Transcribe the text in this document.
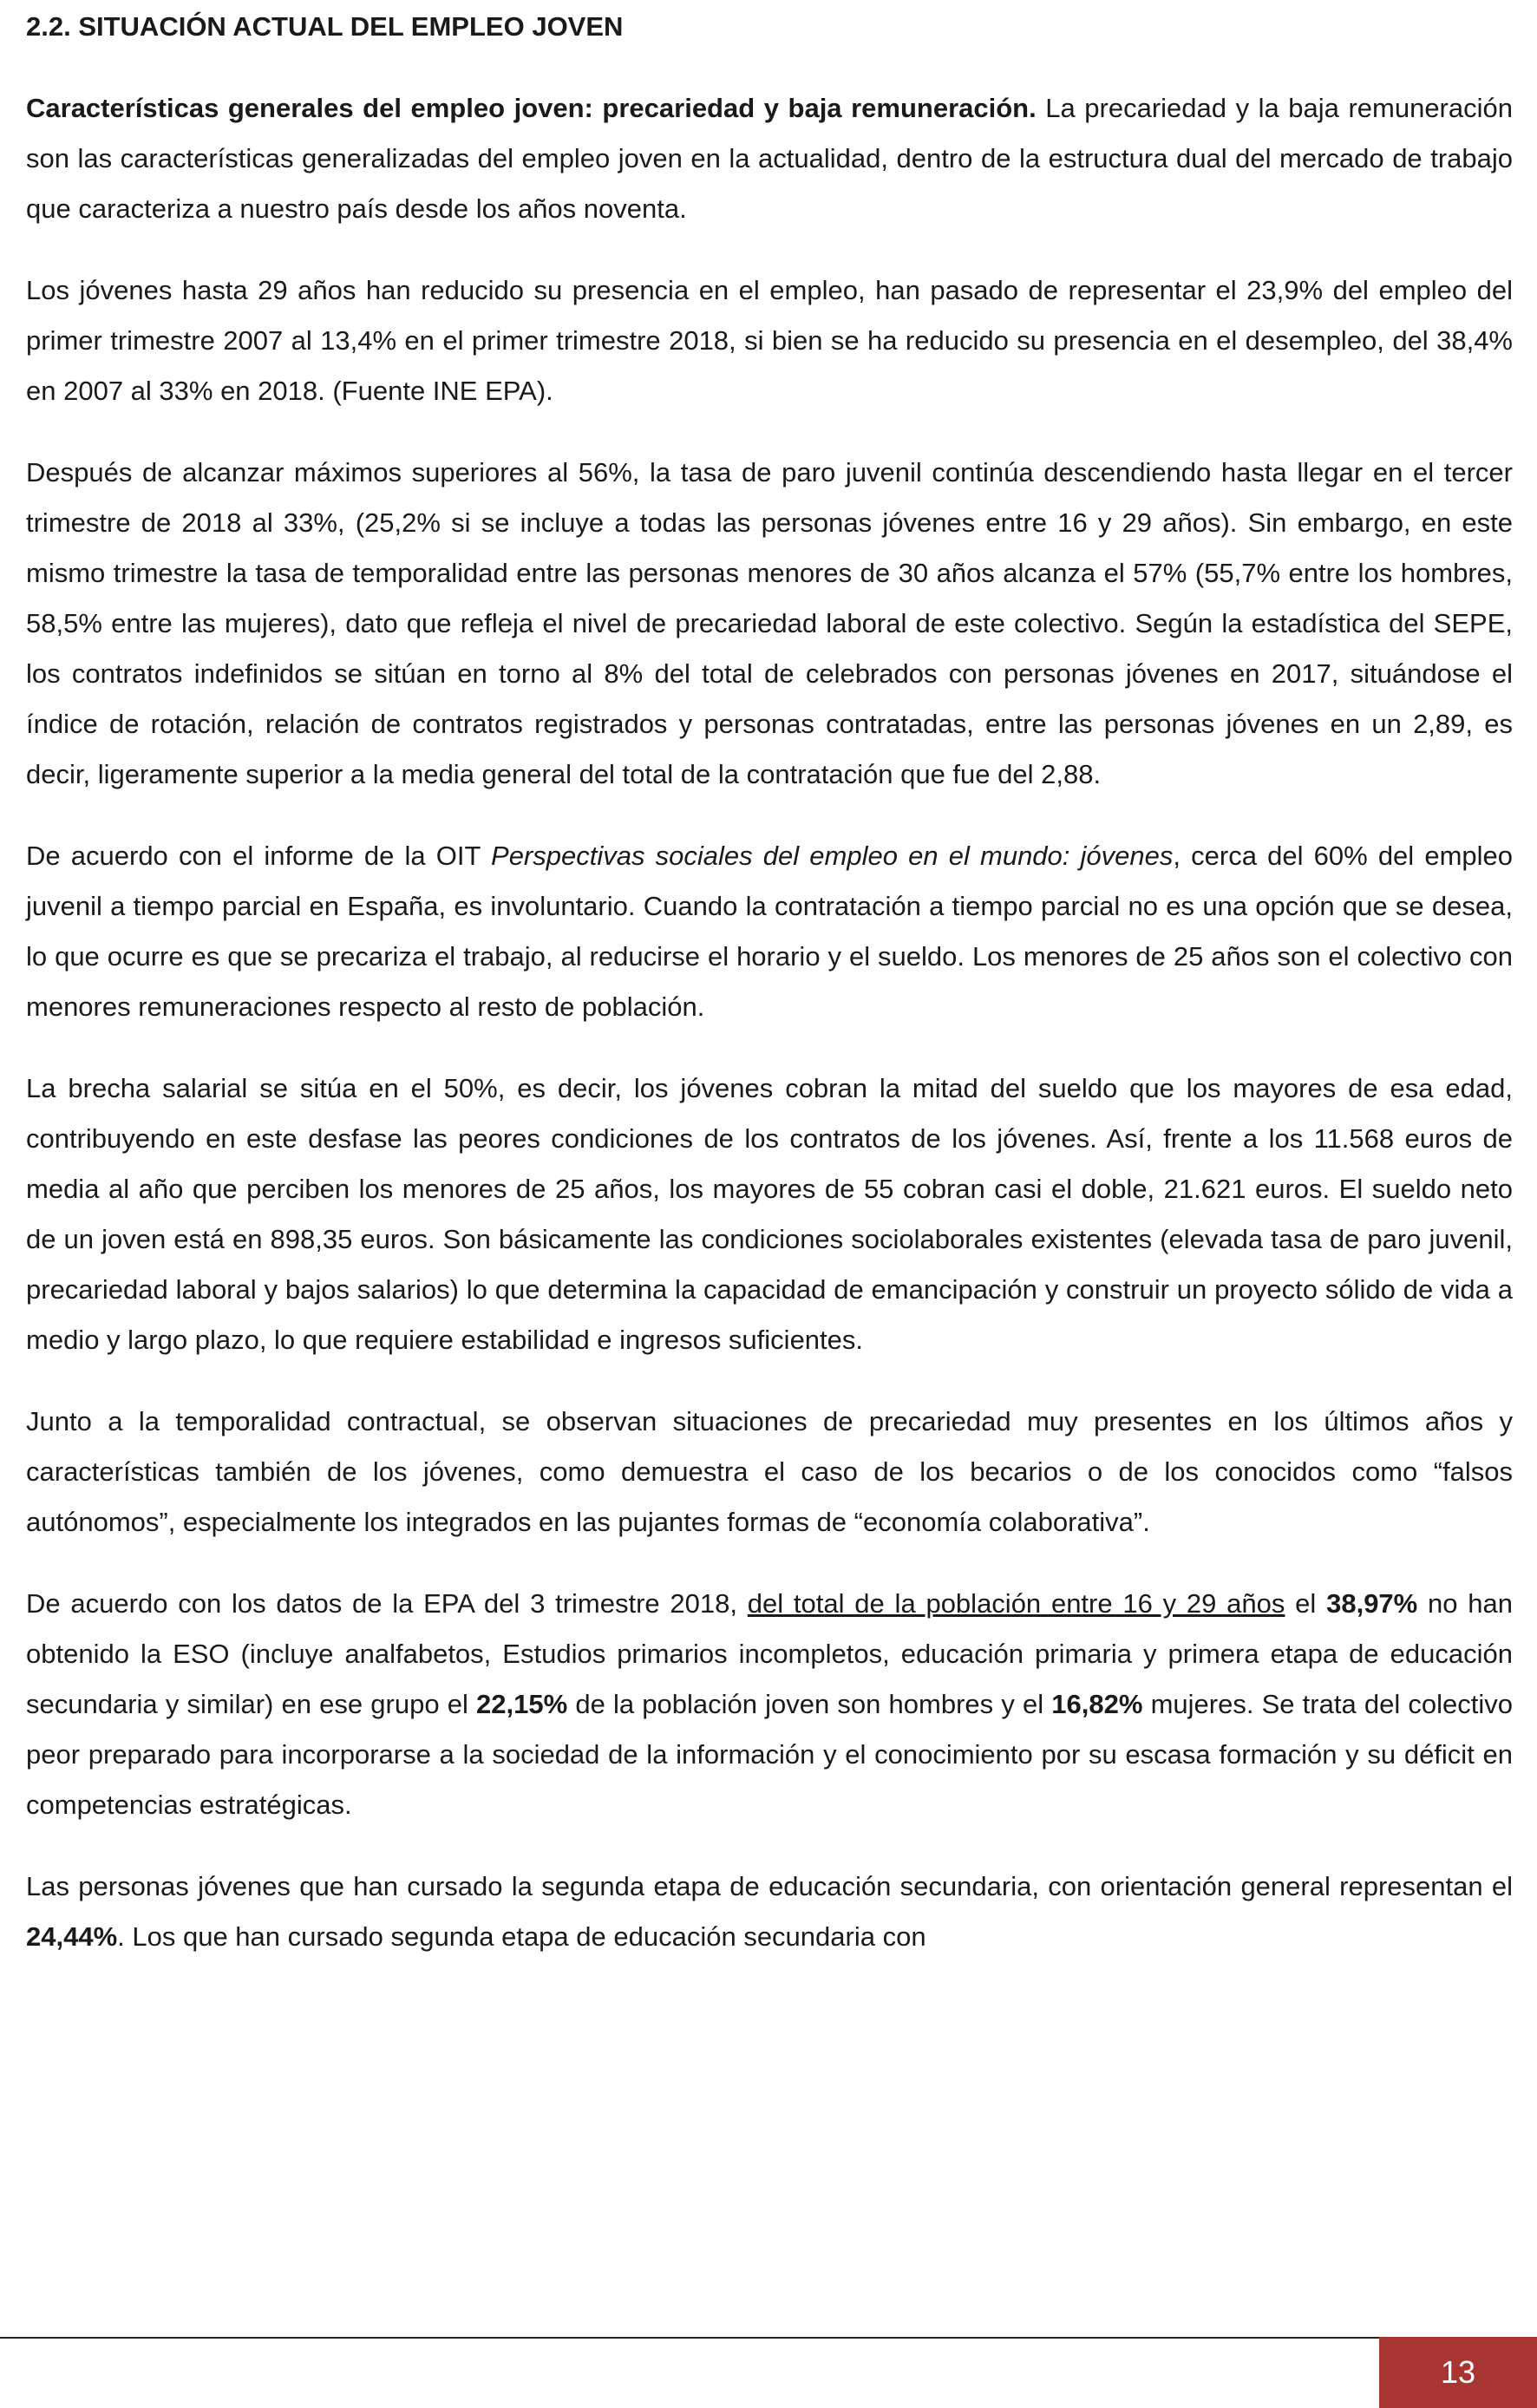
2.2. SITUACIÓN ACTUAL DEL EMPLEO JOVEN

Características generales del empleo joven: precariedad y baja remuneración. La precariedad y la baja remuneración son las características generalizadas del empleo joven en la actualidad, dentro de la estructura dual del mercado de trabajo que caracteriza a nuestro país desde los años noventa.

Los jóvenes hasta 29 años han reducido su presencia en el empleo, han pasado de representar el 23,9% del empleo del primer trimestre 2007 al 13,4% en el primer trimestre 2018, si bien se ha reducido su presencia en el desempleo, del 38,4% en 2007 al 33% en 2018. (Fuente INE EPA).

Después de alcanzar máximos superiores al 56%, la tasa de paro juvenil continúa descendiendo hasta llegar en el tercer trimestre de 2018 al 33%, (25,2% si se incluye a todas las personas jóvenes entre 16 y 29 años). Sin embargo, en este mismo trimestre la tasa de temporalidad entre las personas menores de 30 años alcanza el 57% (55,7% entre los hombres, 58,5% entre las mujeres), dato que refleja el nivel de precariedad laboral de este colectivo. Según la estadística del SEPE, los contratos indefinidos se sitúan en torno al 8% del total de celebrados con personas jóvenes en 2017, situándose el índice de rotación, relación de contratos registrados y personas contratadas, entre las personas jóvenes en un 2,89, es decir, ligeramente superior a la media general del total de la contratación que fue del 2,88.

De acuerdo con el informe de la OIT Perspectivas sociales del empleo en el mundo: jóvenes, cerca del 60% del empleo juvenil a tiempo parcial en España, es involuntario. Cuando la contratación a tiempo parcial no es una opción que se desea, lo que ocurre es que se precariza el trabajo, al reducirse el horario y el sueldo. Los menores de 25 años son el colectivo con menores remuneraciones respecto al resto de población.

La brecha salarial se sitúa en el 50%, es decir, los jóvenes cobran la mitad del sueldo que los mayores de esa edad, contribuyendo en este desfase las peores condiciones de los contratos de los jóvenes. Así, frente a los 11.568 euros de media al año que perciben los menores de 25 años, los mayores de 55 cobran casi el doble, 21.621 euros. El sueldo neto de un joven está en 898,35 euros. Son básicamente las condiciones sociolaborales existentes (elevada tasa de paro juvenil, precariedad laboral y bajos salarios) lo que determina la capacidad de emancipación y construir un proyecto sólido de vida a medio y largo plazo, lo que requiere estabilidad e ingresos suficientes.

Junto a la temporalidad contractual, se observan situaciones de precariedad muy presentes en los últimos años y características también de los jóvenes, como demuestra el caso de los becarios o de los conocidos como “falsos autónomos”, especialmente los integrados en las pujantes formas de “economía colaborativa”.

De acuerdo con los datos de la EPA del 3 trimestre 2018, del total de la población entre 16 y 29 años el 38,97% no han obtenido la ESO (incluye analfabetos, Estudios primarios incompletos, educación primaria y primera etapa de educación secundaria y similar) en ese grupo el 22,15% de la población joven son hombres y el 16,82% mujeres. Se trata del colectivo peor preparado para incorporarse a la sociedad de la información y el conocimiento por su escasa formación y su déficit en competencias estratégicas.

Las personas jóvenes que han cursado la segunda etapa de educación secundaria, con orientación general representan el 24,44%. Los que han cursado segunda etapa de educación secundaria con

13
